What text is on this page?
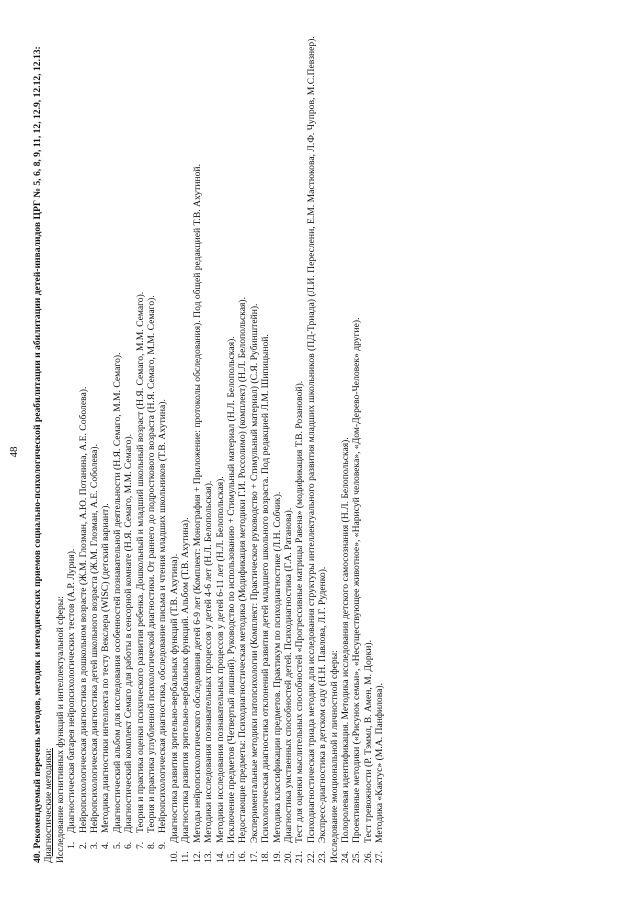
48 40. Рекомендуемый перечень методов, методик и методических приемов социально-психологической реабилитации и абилитации детей-инвалидов ЦРГ № 5, 6, 8, 9, 11, 12, 12.9, 12.12, 12.13: Диагностические методики: Исследование когнитивных функций и интеллектуальной сферы: 1.
Диагностическая батарея нейропсихологических тестов (А.Р. Лурия).
2.
Нейропсихологическая диагностика в дошкольном возрасте (Ж.М. Глозман, А.Ю. Потанина, А.Е. Соболева).
3.
Нейропсихологическая диагностика детей школьного возраста (Ж.М. Глозман, А.Е. Соболева).
4.
Методика диагностики интеллекта по тесту Векслера (WISC) (детский вариант).
5.
Диагностический альбом для исследования особенностей познавательной деятельности (Н.Я. Семаго, М.М. Семаго).
6.
Диагностический комплект Семаго для работы в сенсорной комнате (Н.Я. Семаго, М.М. Семаго).
7.
Теория и практика оценки психического развития ребенка. Дошкольный и младший школьный возраст (Н.Я. Семаго, М.М. Семаго).
8.
Теория и практика углубленной психологической диагностики. От раннего до подросткового возраста (Н.Я. Семаго, М.М. Семаго).
9.
Нейропсихологическая диагностика, обследование письма и чтения младших школьников (Т.В. Ахутина).
10.
Диагностика развития зрительно-вербальных функций (Т.В. Ахутина).
11.
Диагностика развития зрительно-вербальных функций. Альбом (Т.В. Ахутина).
12.
Методы нейропсихологического обследования детей 6-9 лет (Комплект: Монография + Приложение: протоколы обследования). Под общей редакцией Т.В. Ахутиной.
13.
Методики исследования познавательных процессов у детей 4-6 лет (Н.Л. Белопольская).
14.
Методики исследования познавательных процессов у детей 6-11 лет (Н.Л. Белопольская).
15.
Исключение предметов (Четвертый лишний). Руководство по использованию + Стимульный материал (Н.Л. Белопольская).
16.
Недостающие предметы: Психодиагностическая методика (Модификация методики Г.И. Россолимо) (комплект) (Н.Л. Белопольская).
17.
Экспериментальные методики патопсихологии (Комплект: Практическое руководство + Стимульный материал) (С.Я. Рубинштейн).
18.
Психологическая диагностика отклонений развития детей младшего школьного возраста. Под редакцией Л.М. Шипицыной.
19.
Методика классификации предметов. Практикум по психодиагностике (Л.Н. Собчик).
20.
Диагностика умственных способностей детей. Психодиагностика (Г.А. Ратанова).
21.
Тест для оценки мыслительных способностей «Прогрессивные матрицы Равена» (модификация Т.В. Розановой).
22.
Психодиагностическая триада методик для исследования структуры интеллектуального развития младших школьников (ПД-Триада) (Л.И. Переслени, Е.М. Мастюкова, Л.Ф. Чупров, М.С.Певзнер).
23.
Экспресс-диагностика в детском саду (Н.Н. Павлова, Л.Г. Руденко). Исследование эмоциональной и личностной сферы: 24.
Полоролевая идентификация. Методика исследования детского самосознания (Н.Л. Белопольская).
25.
Проективные методики («Рисунок семьи», «Несуществующее животное», «Нарисуй человека», «Дом-Дерево-Человек» другие).
26.
Тест тревожности (Р. Тэммл, В. Амен, М. Дорки).
27.
Методика «Кактус» (М.А. Панфилова).
